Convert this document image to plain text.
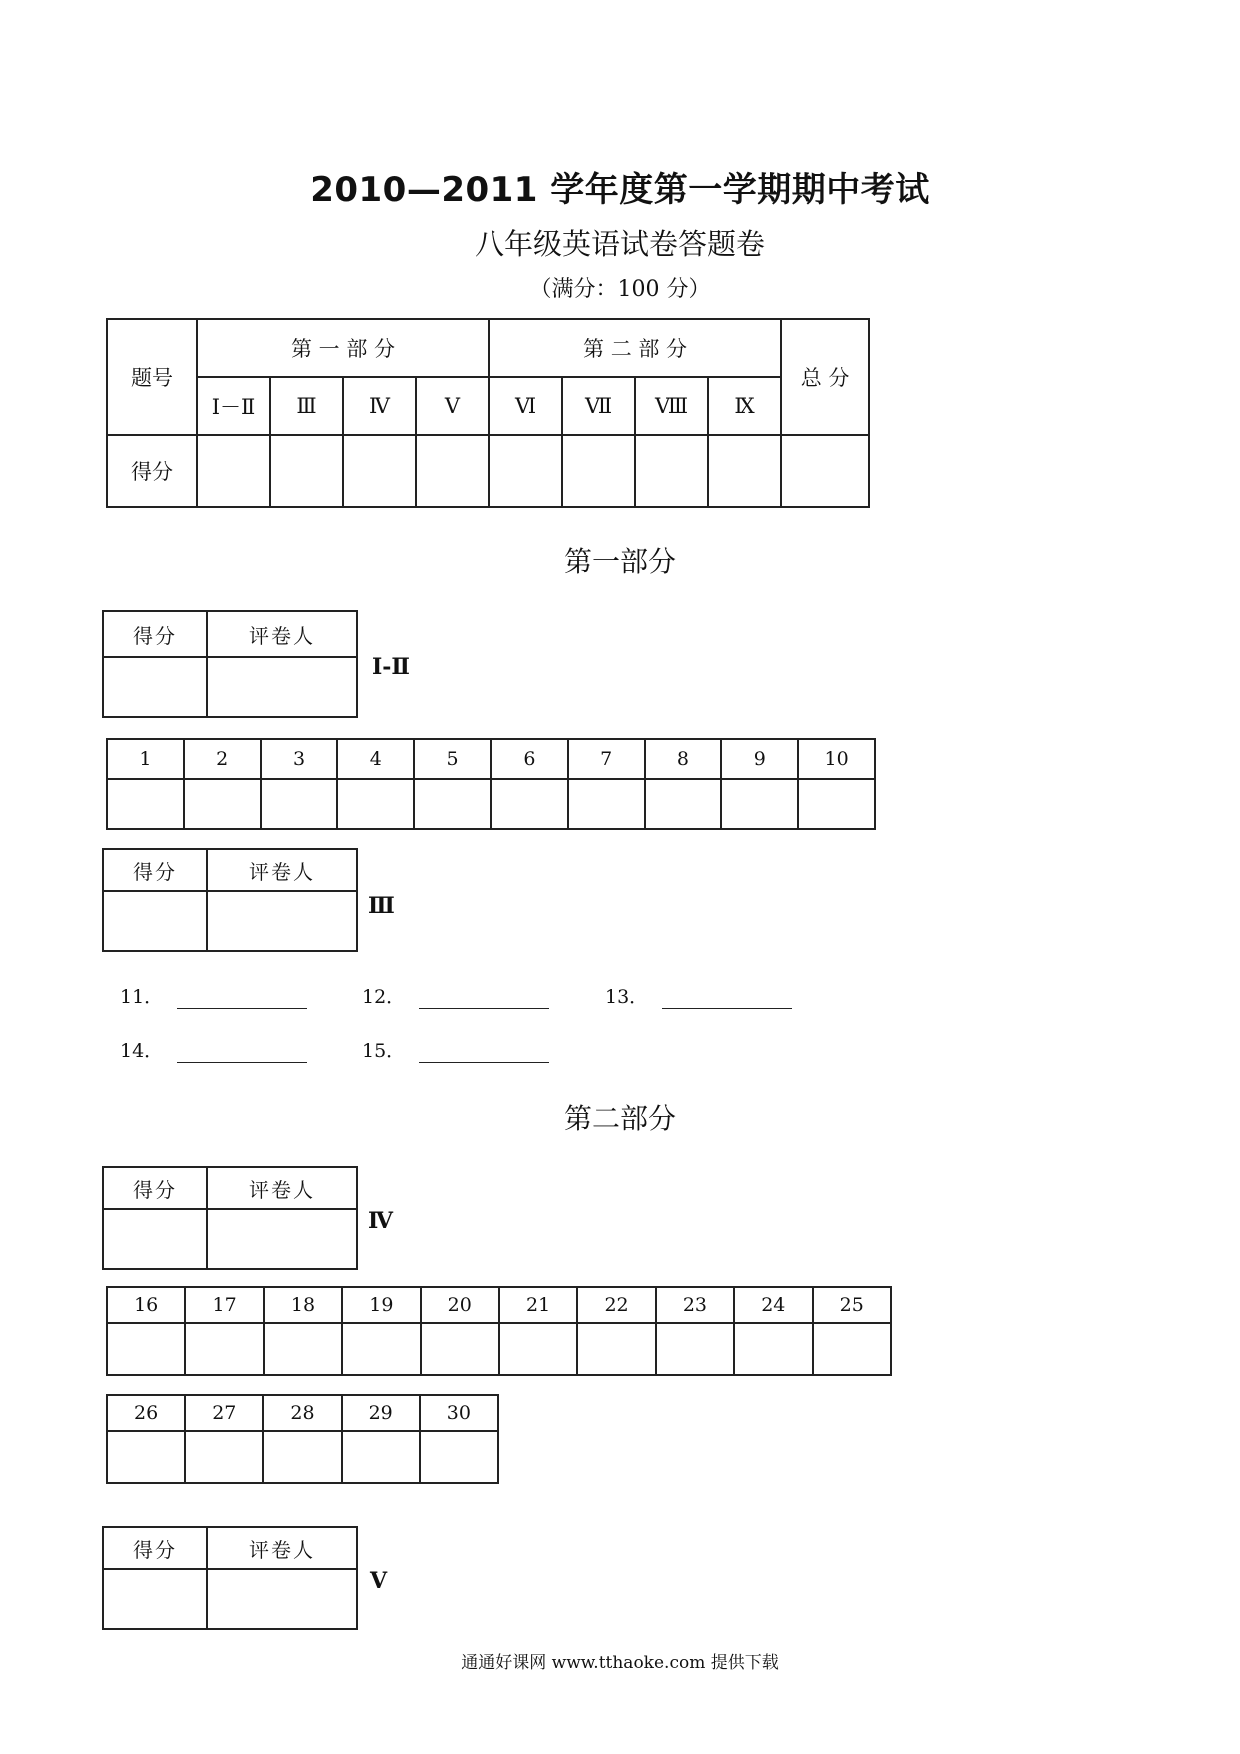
2010—2011 学年度第一学期期中考试
八年级英语试卷答题卷
（满分：100 分）
题号	第 一 部 分				第 二 部 分				总 分
	Ⅰ－Ⅱ	Ⅲ	Ⅳ	Ⅴ	Ⅵ	Ⅶ	Ⅷ	Ⅸ	
得分									
第一部分
得分	评卷人

Ⅰ-Ⅱ
1	2	3	4	5	6	7	8	9	10

得分	评卷人

Ⅲ
11．	12．	13．
14．	15．
第二部分
得分	评卷人

Ⅳ
16	17	18	19	20	21	22	23	24	25

26	27	28	29	30

得分	评卷人

Ⅴ
通通好课网 www.tthaoke.com 提供下载
